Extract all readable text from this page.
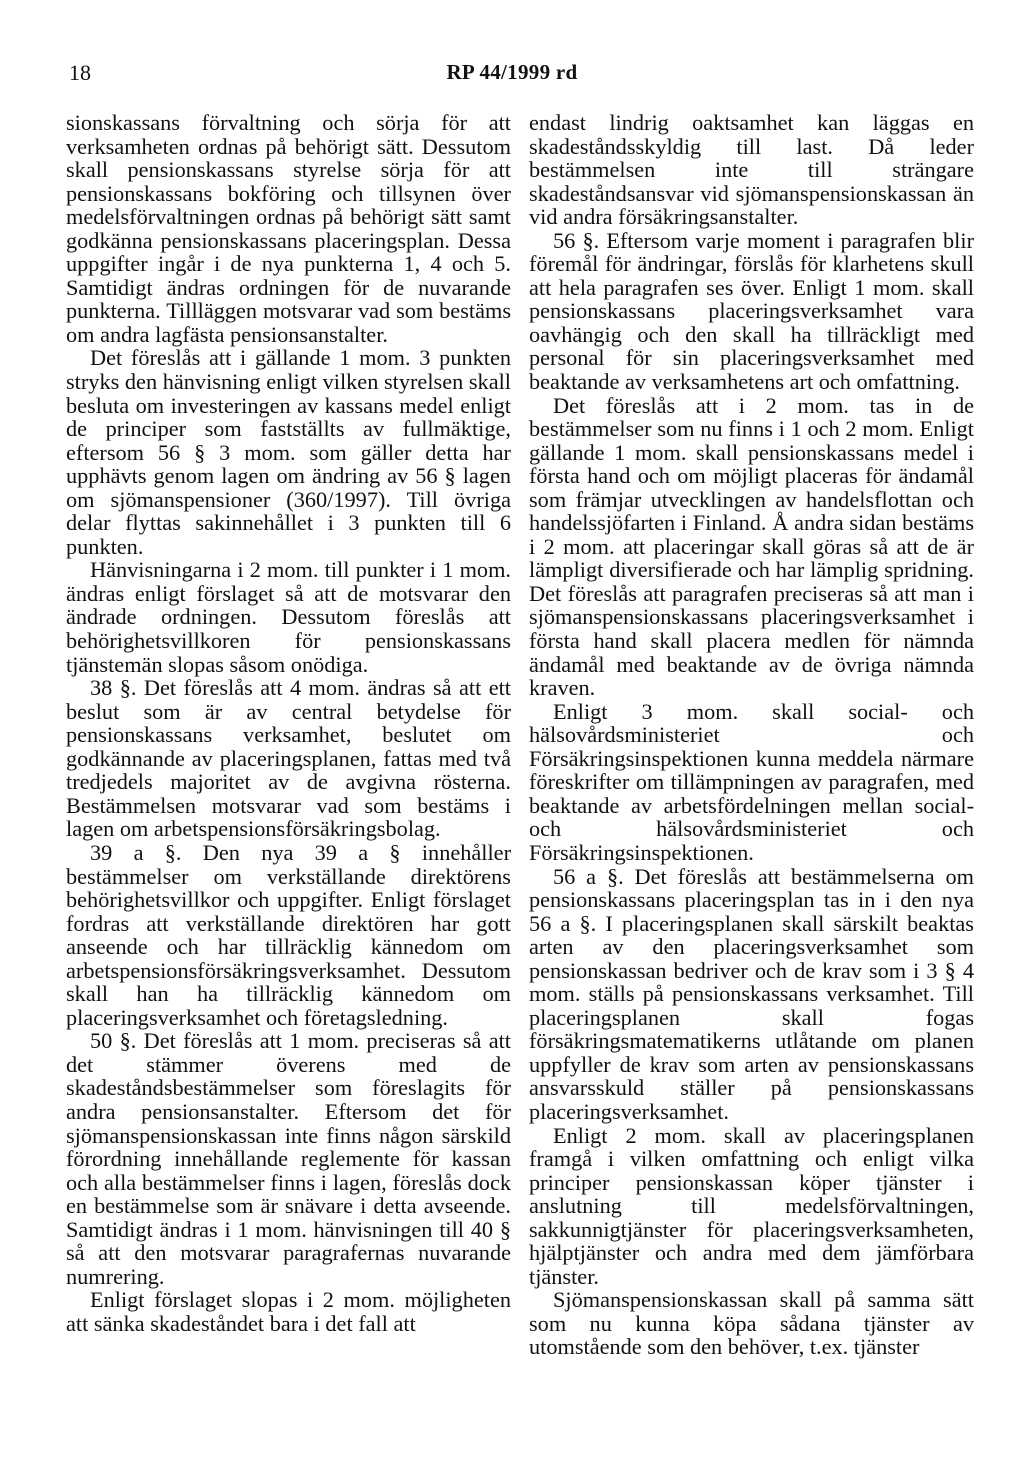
18	RP 44/1999 rd

sionskassans förvaltning och sörja för att verksamheten ordnas på behörigt sätt. Dessutom skall pensionskassans styrelse sörja för att pensionskassans bokföring och tillsynen över medelsförvaltningen ordnas på behörigt sätt samt godkänna pensionskassans placeringsplan. Dessa uppgifter ingår i de nya punkterna 1, 4 och 5. Samtidigt ändras ordningen för de nuvarande punkterna. Tillläggen motsvarar vad som bestäms om andra lagfästa pensionsanstalter.

Det föreslås att i gällande 1 mom. 3 punkten stryks den hänvisning enligt vilken styrelsen skall besluta om investeringen av kassans medel enligt de principer som fastställts av fullmäktige, eftersom 56 § 3 mom. som gäller detta har upphävts genom lagen om ändring av 56 § lagen om sjömanspensioner (360/1997). Till övriga delar flyttas sakinnehållet i 3 punkten till 6 punkten.

Hänvisningarna i 2 mom. till punkter i 1 mom. ändras enligt förslaget så att de motsvarar den ändrade ordningen. Dessutom föreslås att behörighetsvillkoren för pensionskassans tjänstemän slopas såsom onödiga.

38 §. Det föreslås att 4 mom. ändras så att ett beslut som är av central betydelse för pensionskassans verksamhet, beslutet om godkännande av placeringsplanen, fattas med två tredjedels majoritet av de avgivna rösterna. Bestämmelsen motsvarar vad som bestäms i lagen om arbetspensionsförsäkringsbolag.

39 a §. Den nya 39 a § innehåller bestämmelser om verkställande direktörens behörighetsvillkor och uppgifter. Enligt förslaget fordras att verkställande direktören har gott anseende och har tillräcklig kännedom om arbetspensionsförsäkringsverksamhet. Dessutom skall han ha tillräcklig kännedom om placeringsverksamhet och företagsledning.

50 §. Det föreslås att 1 mom. preciseras så att det stämmer överens med de skadeståndsbestämmelser som föreslagits för andra pensionsanstalter. Eftersom det för sjömanspensionskassan inte finns någon särskild förordning innehållande reglemente för kassan och alla bestämmelser finns i lagen, föreslås dock en bestämmelse som är snävare i detta avseende. Samtidigt ändras i 1 mom. hänvisningen till 40 § så att den motsvarar paragrafernas nuvarande numrering.

Enligt förslaget slopas i 2 mom. möjligheten att sänka skadeståndet bara i det fall att

endast lindrig oaktsamhet kan läggas en skadeståndsskyldig till last. Då leder bestämmelsen inte till strängare skadeståndsansvar vid sjömanspensionskassan än vid andra försäkringsanstalter.

56 §. Eftersom varje moment i paragrafen blir föremål för ändringar, förslås för klarhetens skull att hela paragrafen ses över. Enligt 1 mom. skall pensionskassans placeringsverksamhet vara oavhängig och den skall ha tillräckligt med personal för sin placeringsverksamhet med beaktande av verksamhetens art och omfattning.

Det föreslås att i 2 mom. tas in de bestämmelser som nu finns i 1 och 2 mom. Enligt gällande 1 mom. skall pensionskassans medel i första hand och om möjligt placeras för ändamål som främjar utvecklingen av handelsflottan och handelssjöfarten i Finland. Å andra sidan bestäms i 2 mom. att placeringar skall göras så att de är lämpligt diversifierade och har lämplig spridning. Det föreslås att paragrafen preciseras så att man i sjömanspensionskassans placeringsverksamhet i första hand skall placera medlen för nämnda ändamål med beaktande av de övriga nämnda kraven.

Enligt 3 mom. skall social- och hälsovårdsministeriet och Försäkringsinspektionen kunna meddela närmare föreskrifter om tillämpningen av paragrafen, med beaktande av arbetsfördelningen mellan social- och hälsovårdsministeriet och Försäkringsinspektionen.

56 a §. Det föreslås att bestämmelserna om pensionskassans placeringsplan tas in i den nya 56 a §. I placeringsplanen skall särskilt beaktas arten av den placeringsverksamhet som pensionskassan bedriver och de krav som i 3 § 4 mom. ställs på pensionskassans verksamhet. Till placeringsplanen skall fogas försäkringsmatematikerns utlåtande om planen uppfyller de krav som arten av pensionskassans ansvarsskuld ställer på pensionskassans placeringsverksamhet.

Enligt 2 mom. skall av placeringsplanen framgå i vilken omfattning och enligt vilka principer pensionskassan köper tjänster i anslutning till medelsförvaltningen, sakkunnigtjänster för placeringsverksamheten, hjälptjänster och andra med dem jämförbara tjänster.

Sjömanspensionskassan skall på samma sätt som nu kunna köpa sådana tjänster av utomstående som den behöver, t.ex. tjänster
